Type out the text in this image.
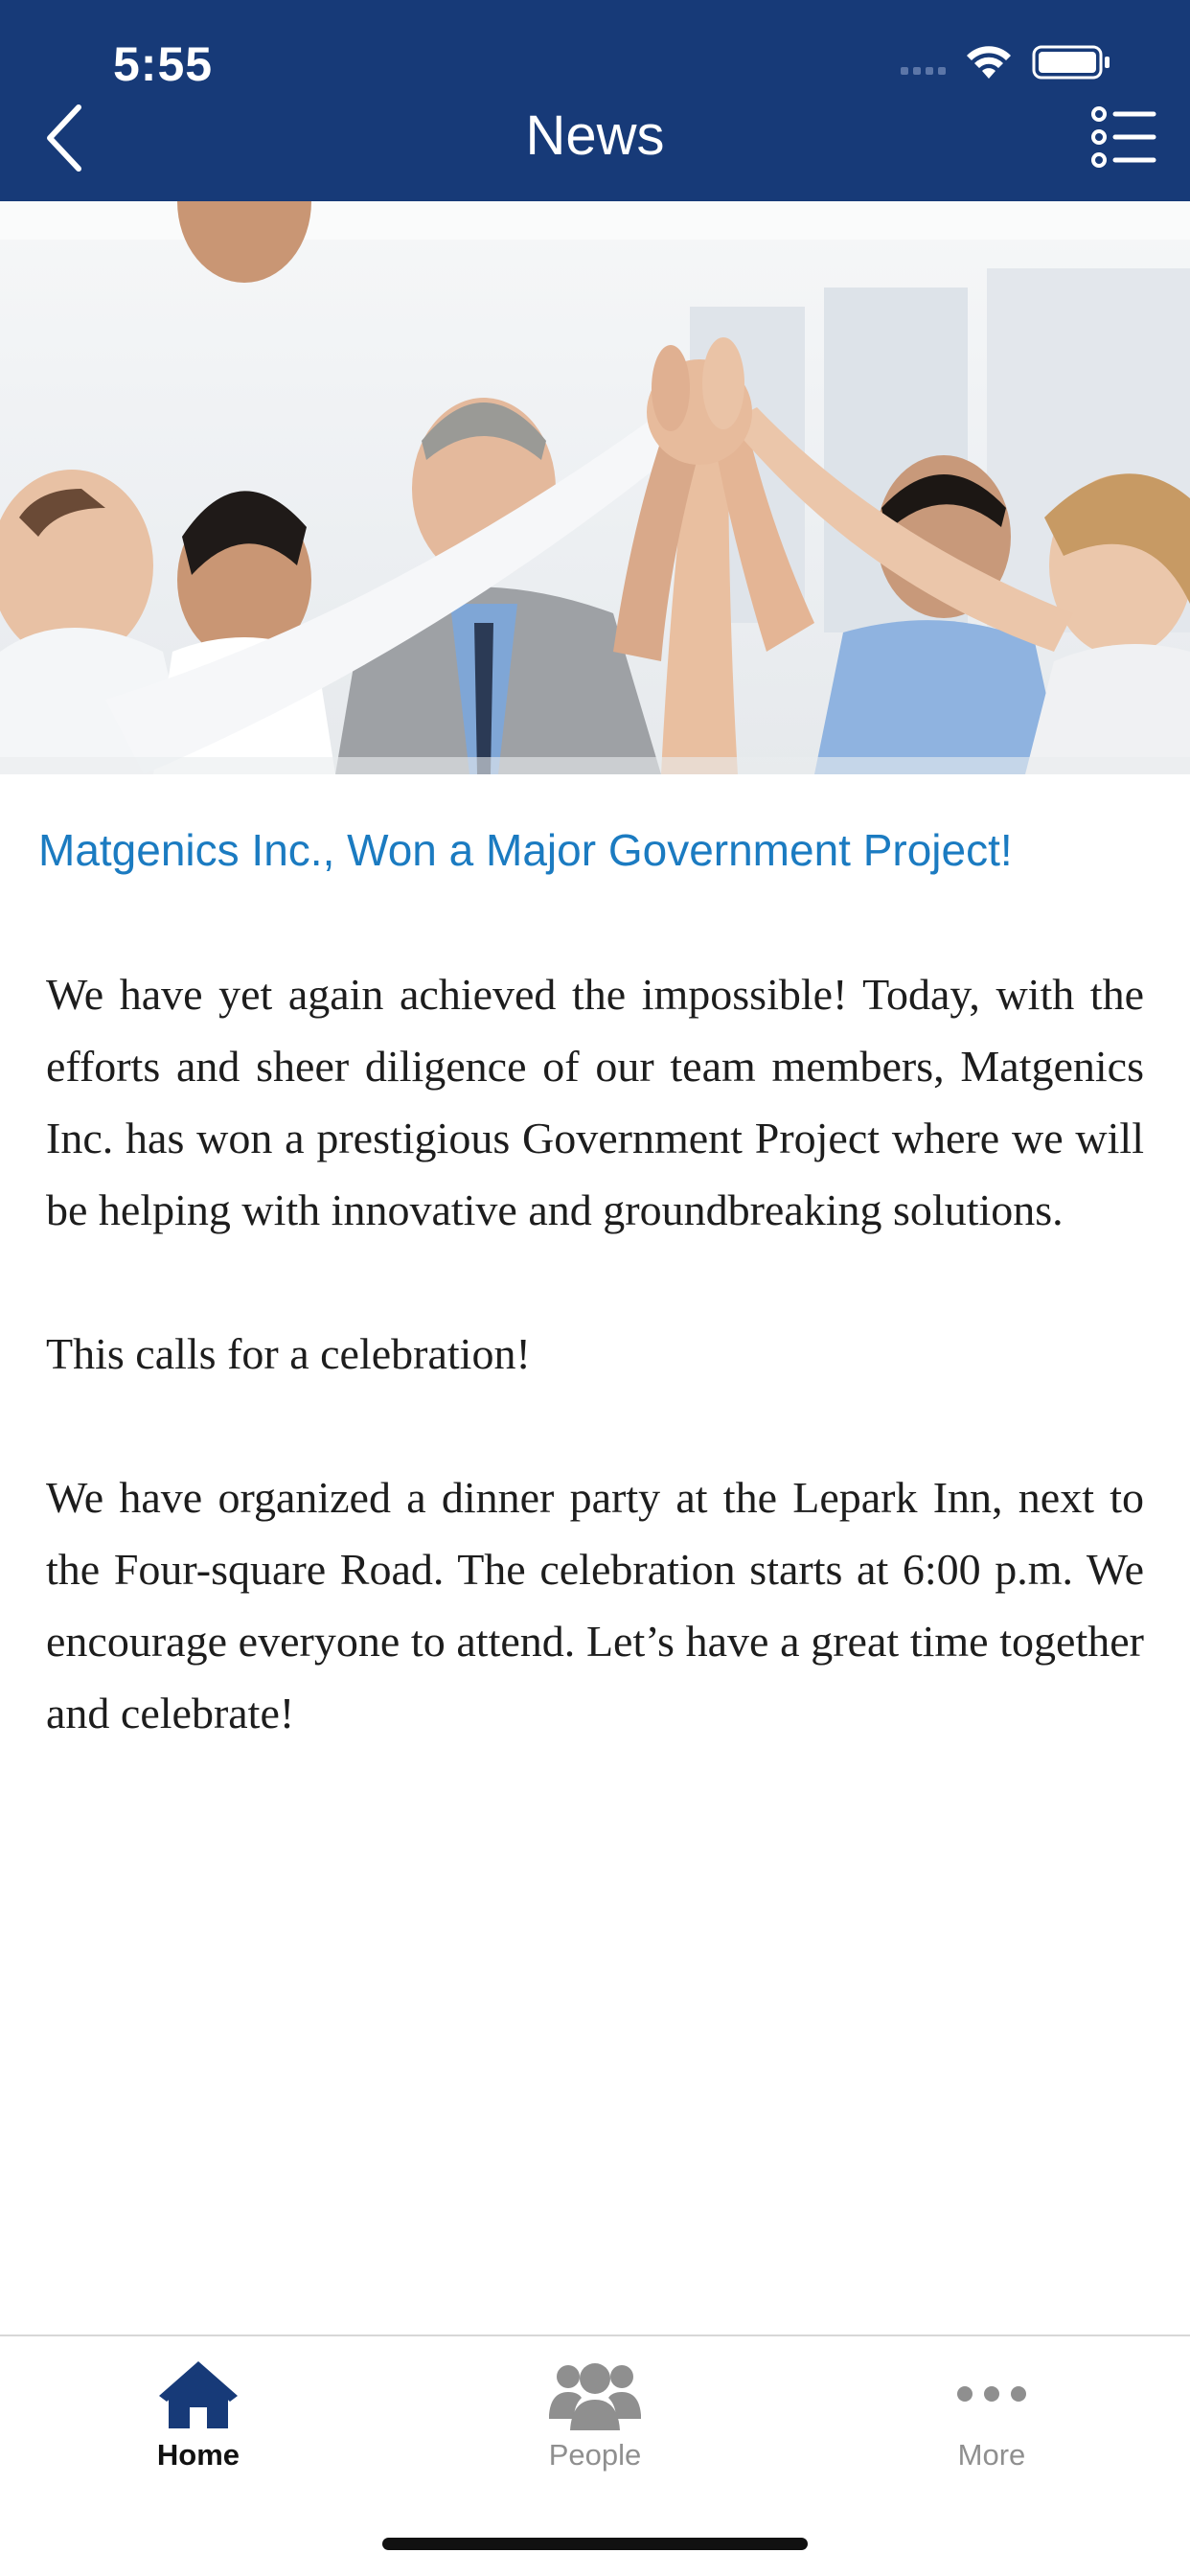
5:55
News
Matgenics Inc., Won a Major Government Project!

We have yet again achieved the impossible! Today, with the efforts and sheer diligence of our team members, Matgenics Inc. has won a prestigious Government Project where we will be helping with innovative and groundbreaking solutions.

This calls for a celebration!

We have organized a dinner party at the Lepark Inn, next to the Four-square Road. The celebration starts at 6:00 p.m. We encourage everyone to attend. Let’s have a great time together and celebrate!

Home	People	More
